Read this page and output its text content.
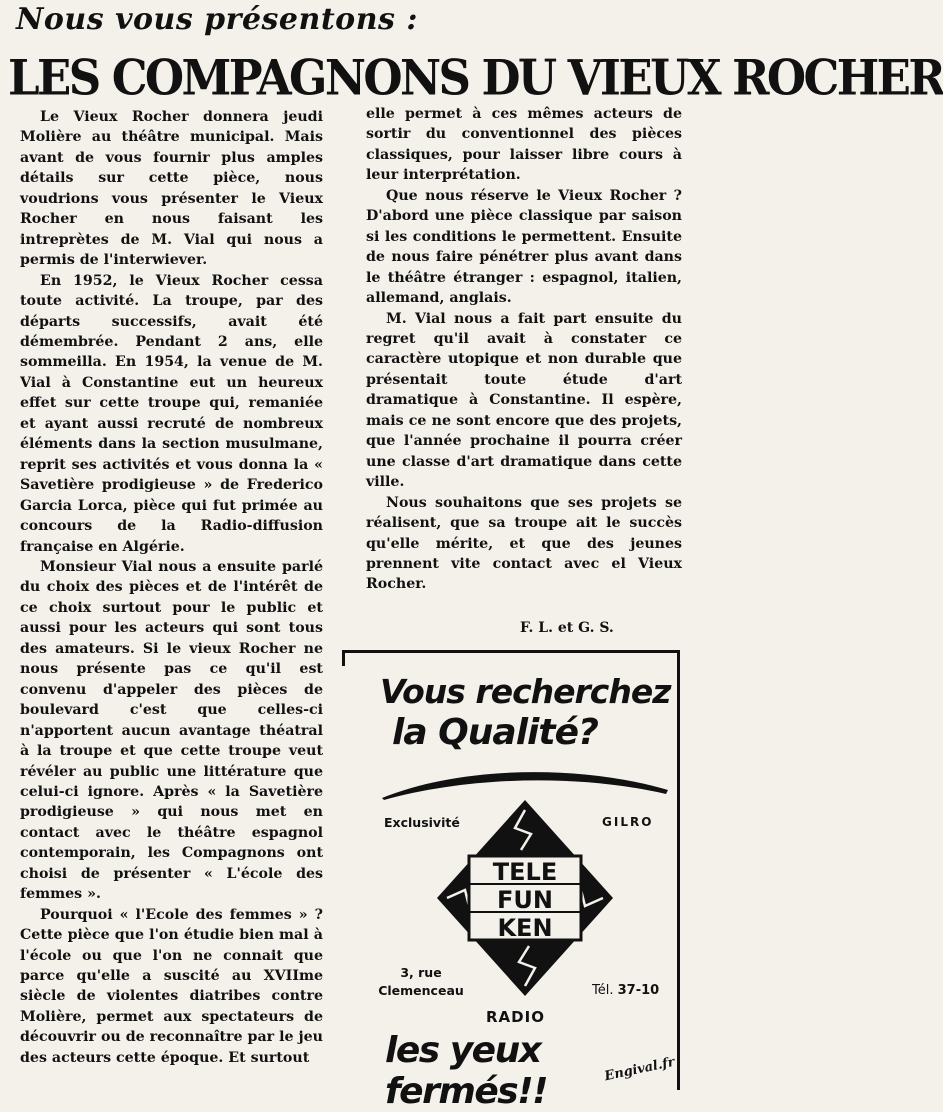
Nous vous présentons :
LES COMPAGNONS DU VIEUX ROCHER

Le Vieux Rocher donnera jeudi Molière au théâtre municipal. Mais avant de vous fournir plus amples détails sur cette pièce, nous voudrions vous présenter le Vieux Rocher en nous faisant les intreprètes de M. Vial qui nous a permis de l'interwiever.

En 1952, le Vieux Rocher cessa toute activité. La troupe, par des départs successifs, avait été démembrée. Pendant 2 ans, elle sommeilla. En 1954, la venue de M. Vial à Constantine eut un heureux effet sur cette troupe qui, remaniée et ayant aussi recruté de nombreux éléments dans la section musulmane, reprit ses activités et vous donna la « Savetière prodigieuse » de Frederico Garcia Lorca, pièce qui fut primée au concours de la Radio-diffusion française en Algérie.

Monsieur Vial nous a ensuite parlé du choix des pièces et de l'intérêt de ce choix surtout pour le public et aussi pour les acteurs qui sont tous des amateurs. Si le vieux Rocher ne nous présente pas ce qu'il est convenu d'appeler des pièces de boulevard c'est que celles-ci n'apportent aucun avantage théatral à la troupe et que cette troupe veut révéler au public une littérature que celui-ci ignore. Après « la Savetière prodigieuse » qui nous met en contact avec le théâtre espagnol contemporain, les Compagnons ont choisi de présenter « L'école des femmes ».

Pourquoi « l'Ecole des femmes » ? Cette pièce que l'on étudie bien mal à l'école ou que l'on ne connait que parce qu'elle a suscité au XVIIme siècle de violentes diatribes contre Molière, permet aux spectateurs de découvrir ou de reconnaître par le jeu des acteurs cette époque. Et surtout

elle permet à ces mêmes acteurs de sortir du conventionnel des pièces classiques, pour laisser libre cours à leur interprétation.

Que nous réserve le Vieux Rocher ? D'abord une pièce classique par saison si les conditions le permettent. Ensuite de nous faire pénétrer plus avant dans le théâtre étranger : espagnol, italien, allemand, anglais.

M. Vial nous a fait part ensuite du regret qu'il avait à constater ce caractère utopique et non durable que présentait toute étude d'art dramatique à Constantine. Il espère, mais ce ne sont encore que des projets, que l'année prochaine il pourra créer une classe d'art dramatique dans cette ville.

Nous souhaitons que ses projets se réalisent, que sa troupe ait le succès qu'elle mérite, et que des jeunes prennent vite contact avec el Vieux Rocher.

F. L. et G. S.
Vous recherchez
la Qualité?
Exclusivité	GILRO
TELE
FUN
KEN
3, rue
Clemenceau	Tél. 37-10
RADIO
les yeux fermés!!
Engival.fr
